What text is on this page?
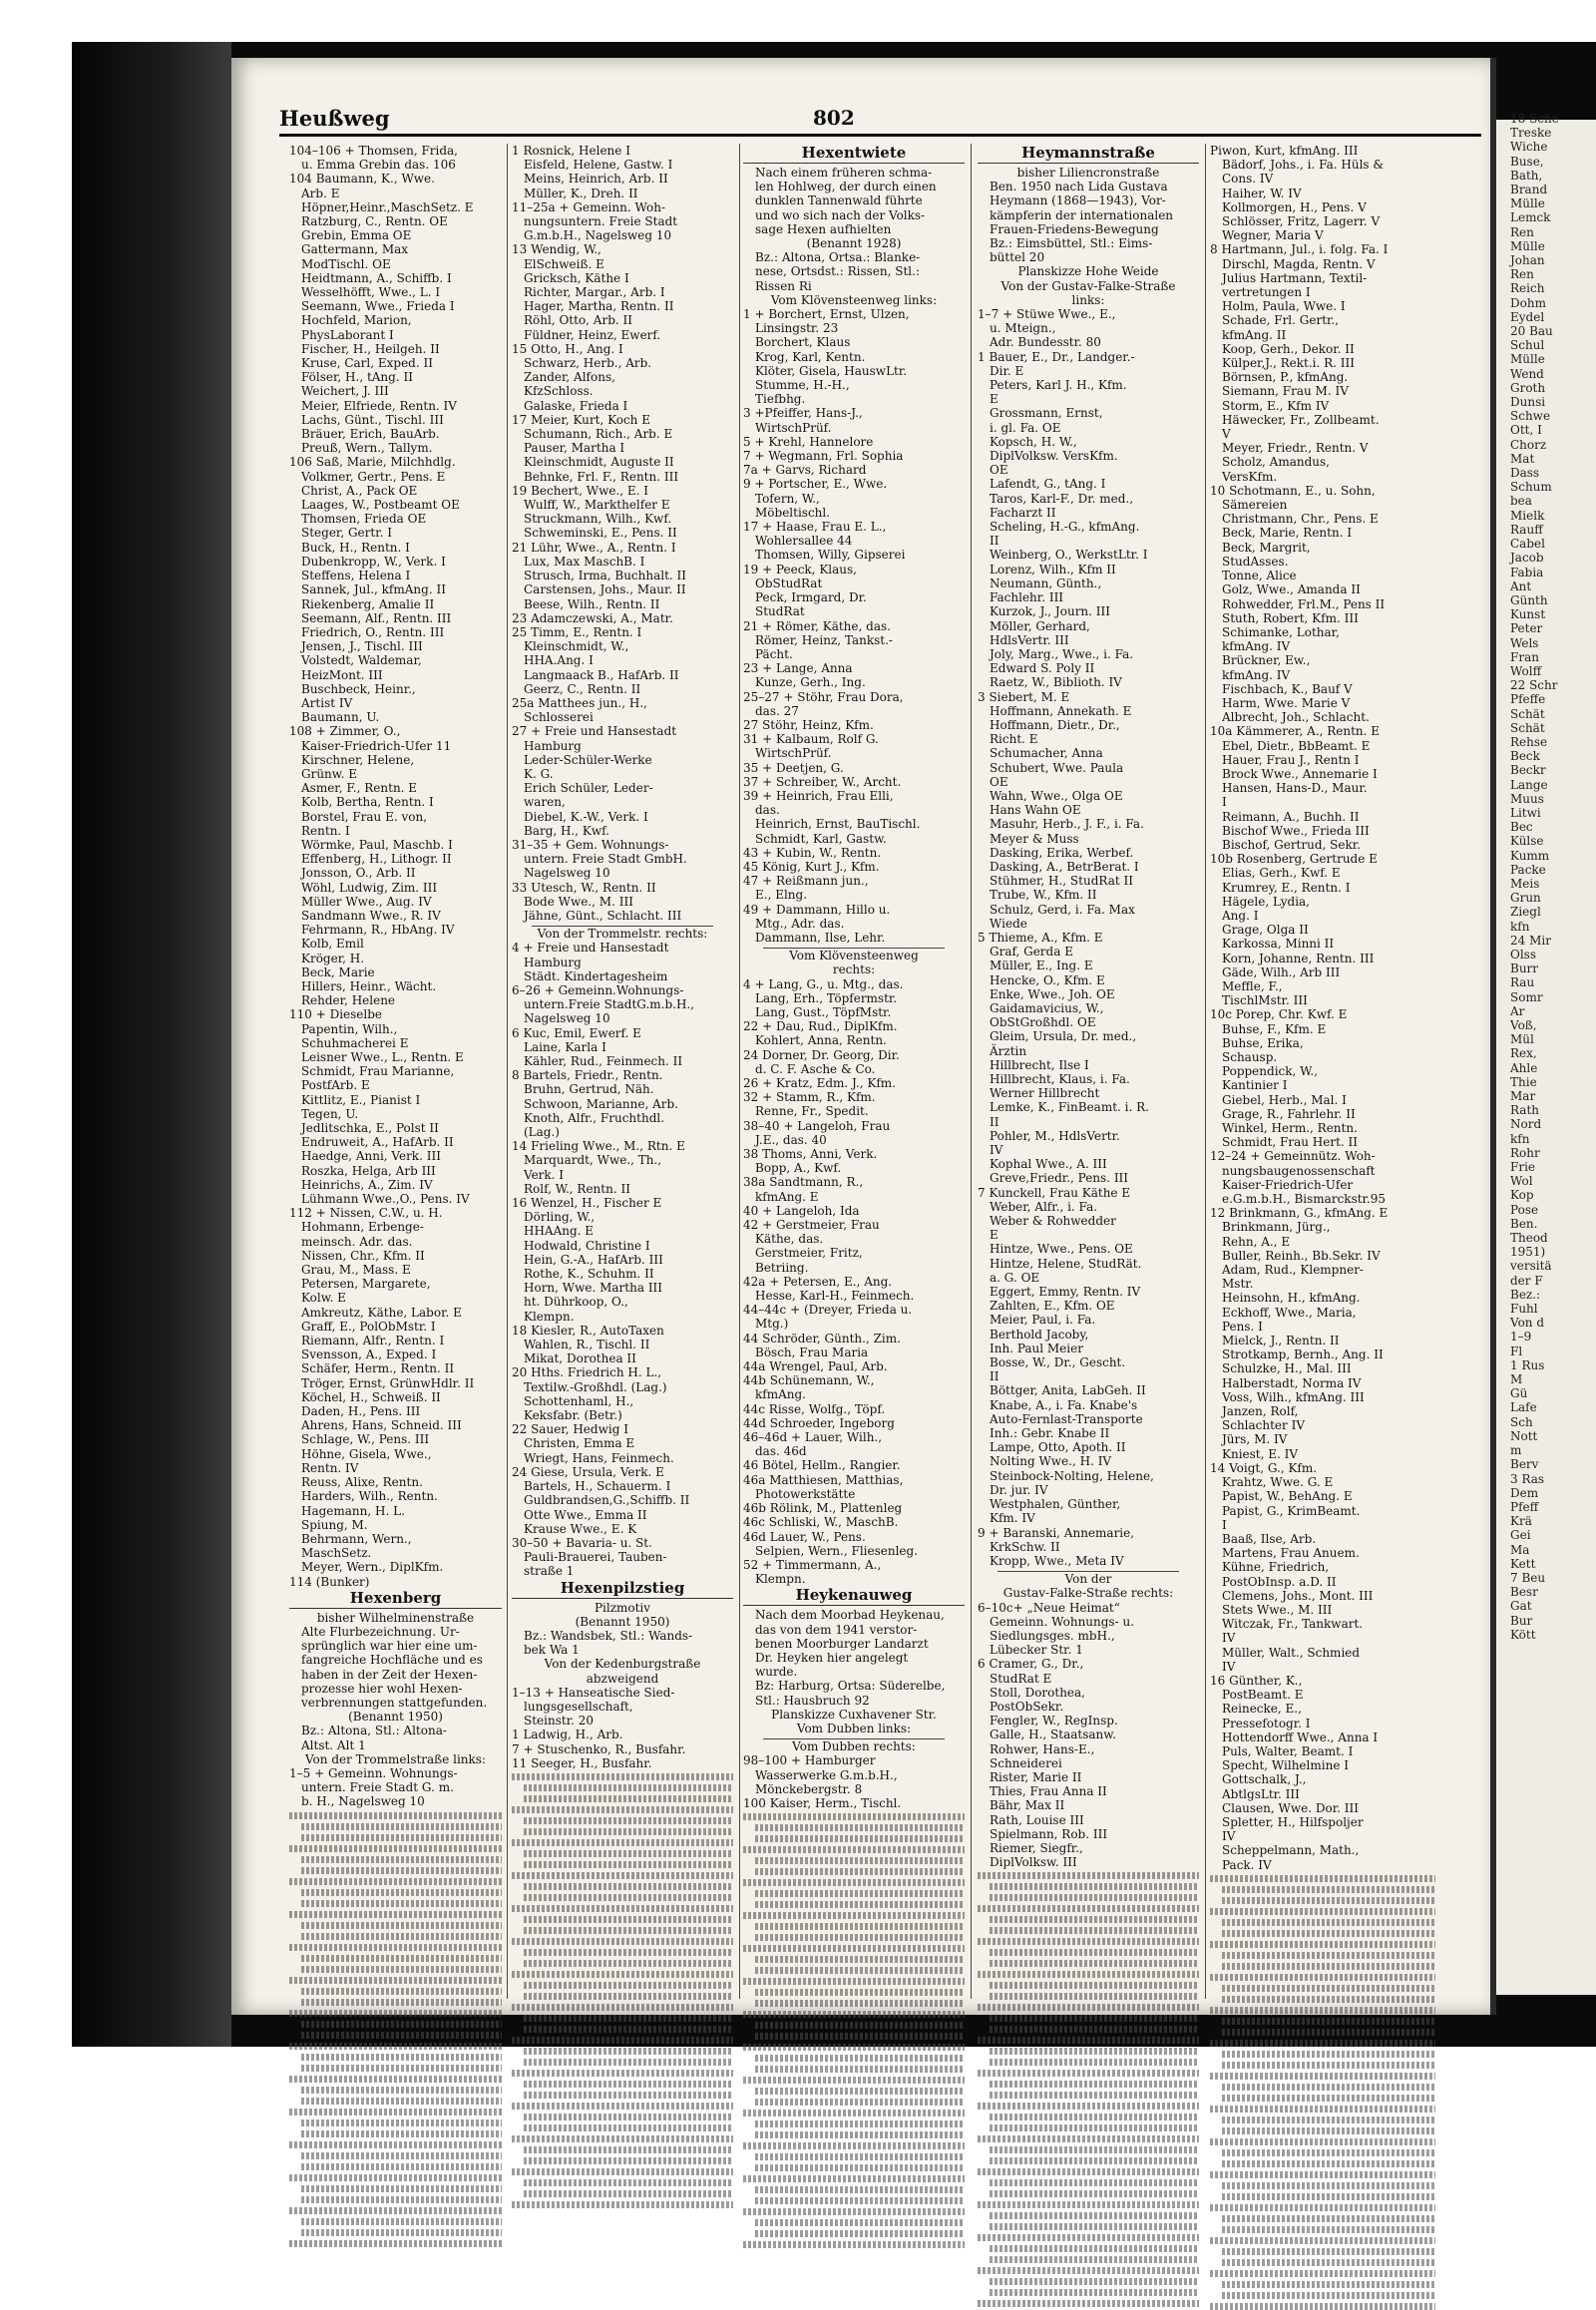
18 Sche
Treske
Wiche
Buse,
Bath,
Brand
Mülle
Lemck
Ren
Mülle
Johan
Ren
Reich
Dohm
Eydel
20 Bau
Schul
Mülle
Wend
Groth
Dunsi
Schwe
Ott, I
Chorz
Mat
Dass
Schum
bea
Mielk
Rauff
Cabel
Jacob
Fabia
Ant
Günth
Kunst
Peter
Wels
Fran
Wolff
22 Schr
Pfeffe
Schät
Schät
Rehse
Beck
Beckr
Lange
Muus
Litwi
Bec
Külse
Kumm
Packe
Meis
Grun
Ziegl
kfn
24 Mir
Olss
Burr
Rau
Somr
Ar
Voß,
Mül
Rex,
Ahle
Thie
Mar
Rath
Nord
kfn
Rohr
Frie
Wol
Kop
Pose
Ben.
Theod
1951)
versitä
der F
Bez.:
Fuhl
Von d
1–9
Fl
1 Rus
M
Gü
Lafe
Sch
Nott
m
Berv
3 Ras
Dem
Pfeff
Krä
Gei
Ma
Kett
7 Beu
Besr
Gat
Bur
Kött
Heußweg	802
104–106 + Thomsen, Frida,
u. Emma Grebin das. 106
104 Baumann, K., Wwe.
Arb. E
Höpner,Heinr.,MaschSetz. E
Ratzburg, C., Rentn. OE
Grebin, Emma OE
Gattermann, Max
ModTischl. OE
Heidtmann, A., Schiffb. I
Wesselhöfft, Wwe., L. I
Seemann, Wwe., Frieda I
Hochfeld, Marion,
PhysLaborant I
Fischer, H., Heilgeh. II
Kruse, Carl, Exped. II
Fölser, H., tAng. II
Weichert, J. III
Meier, Elfriede, Rentn. IV
Lachs, Günt., Tischl. III
Bräuer, Erich, BauArb.
Preuß, Wern., Tallym.
106 Saß, Marie, Milchhdlg.
Volkmer, Gertr., Pens. E
Christ, A., Pack OE
Laages, W., Postbeamt OE
Thomsen, Frieda OE
Steger, Gertr. I
Buck, H., Rentn. I
Dubenkropp, W., Verk. I
Steffens, Helena I
Sannek, Jul., kfmAng. II
Riekenberg, Amalie II
Seemann, Alf., Rentn. III
Friedrich, O., Rentn. III
Jensen, J., Tischl. III
Volstedt, Waldemar,
HeizMont. III
Buschbeck, Heinr.,
Artist IV
Baumann, U.
108 + Zimmer, O.,
Kaiser-Friedrich-Ufer 11
Kirschner, Helene,
Grünw. E
Asmer, F., Rentn. E
Kolb, Bertha, Rentn. I
Borstel, Frau E. von,
Rentn. I
Wörmke, Paul, Maschb. I
Effenberg, H., Lithogr. II
Jonsson, O., Arb. II
Wöhl, Ludwig, Zim. III
Müller Wwe., Aug. IV
Sandmann Wwe., R. IV
Fehrmann, R., HbAng. IV
Kolb, Emil
Kröger, H.
Beck, Marie
Hillers, Heinr., Wächt.
Rehder, Helene
110 + Dieselbe
Papentin, Wilh.,
Schuhmacherei E
Leisner Wwe., L., Rentn. E
Schmidt, Frau Marianne,
PostfArb. E
Kittlitz, E., Pianist I
Tegen, U.
Jedlitschka, E., Polst II
Endruweit, A., HafArb. II
Haedge, Anni, Verk. III
Roszka, Helga, Arb III
Heinrichs, A., Zim. IV
Lühmann Wwe.,O., Pens. IV
112 + Nissen, C.W., u. H.
Hohmann, Erbenge-
meinsch. Adr. das.
Nissen, Chr., Kfm. II
Grau, M., Mass. E
Petersen, Margarete,
Kolw. E
Amkreutz, Käthe, Labor. E
Graff, E., PolObMstr. I
Riemann, Alfr., Rentn. I
Svensson, A., Exped. I
Schäfer, Herm., Rentn. II
Tröger, Ernst, GrünwHdlr. II
Köchel, H., Schweiß. II
Daden, H., Pens. III
Ahrens, Hans, Schneid. III
Schlage, W., Pens. III
Höhne, Gisela, Wwe.,
Rentn. IV
Reuss, Alixe, Rentn.
Harders, Wilh., Rentn.
Hagemann, H. L.
Spiung, M.
Behrmann, Wern.,
MaschSetz.
Meyer, Wern., DiplKfm.
114 (Bunker)
Hexenberg
bisher Wilhelminenstraße
Alte Flurbezeichnung. Ur-
sprünglich war hier eine um-
fangreiche Hochfläche und es
haben in der Zeit der Hexen-
prozesse hier wohl Hexen-
verbrennungen stattgefunden.
(Benannt 1950)
Bz.: Altona, Stl.: Altona-
Altst. Alt 1
Von der Trommelstraße links:
1–5 + Gemeinn. Wohnungs-
untern. Freie Stadt G. m.
b. H., Nagelsweg 10
1 Rosnick, Helene I
Eisfeld, Helene, Gastw. I
Meins, Heinrich, Arb. II
Müller, K., Dreh. II
11–25a + Gemeinn. Woh-
nungsuntern. Freie Stadt
G.m.b.H., Nagelsweg 10
13 Wendig, W.,
ElSchweiß. E
Gricksch, Käthe I
Richter, Margar., Arb. I
Hager, Martha, Rentn. II
Röhl, Otto, Arb. II
Füldner, Heinz, Ewerf.
15 Otto, H., Ang. I
Schwarz, Herb., Arb.
Zander, Alfons,
KfzSchloss.
Galaske, Frieda I
17 Meier, Kurt, Koch E
Schumann, Rich., Arb. E
Pauser, Martha I
Kleinschmidt, Auguste II
Behnke, Frl. F., Rentn. III
19 Bechert, Wwe., E. I
Wulff, W., Markthelfer E
Struckmann, Wilh., Kwf.
Schweminski, E., Pens. II
21 Lühr, Wwe., A., Rentn. I
Lux, Max MaschB. I
Strusch, Irma, Buchhalt. II
Carstensen, Johs., Maur. II
Beese, Wilh., Rentn. II
23 Adamczewski, A., Matr.
25 Timm, E., Rentn. I
Kleinschmidt, W.,
HHA.Ang. I
Langmaack B., HafArb. II
Geerz, C., Rentn. II
25a Matthees jun., H.,
Schlosserei
27 + Freie und Hansestadt
Hamburg
Leder-Schüler-Werke
K. G.
Erich Schüler, Leder-
waren,
Diebel, K.-W., Verk. I
Barg, H., Kwf.
31–35 + Gem. Wohnungs-
untern. Freie Stadt GmbH.
Nagelsweg 10
33 Utesch, W., Rentn. II
Bode Wwe., M. III
Jähne, Günt., Schlacht. III
Von der Trommelstr. rechts:
4 + Freie und Hansestadt
Hamburg
Städt. Kindertagesheim
6–26 + Gemeinn.Wohnungs-
untern.Freie StadtG.m.b.H.,
Nagelsweg 10
6 Kuc, Emil, Ewerf. E
Laine, Karla I
Kähler, Rud., Feinmech. II
8 Bartels, Friedr., Rentn.
Bruhn, Gertrud, Näh.
Schwoon, Marianne, Arb.
Knoth, Alfr., Fruchthdl.
(Lag.)
14 Frieling Wwe., M., Rtn. E
Marquardt, Wwe., Th.,
Verk. I
Rolf, W., Rentn. II
16 Wenzel, H., Fischer E
Dörling, W.,
HHAAng. E
Hodwald, Christine I
Hein, G.-A., HafArb. III
Rothe, K., Schuhm. II
Horn, Wwe. Martha III
ht. Dührkoop, O.,
Klempn.
18 Kiesler, R., AutoTaxen
Wahlen, R., Tischl. II
Mikat, Dorothea II
20 Hths. Friedrich H. L.,
Textilw.-Großhdl. (Lag.)
Schottenhaml, H.,
Keksfabr. (Betr.)
22 Sauer, Hedwig I
Christen, Emma E
Wriegt, Hans, Feinmech.
24 Giese, Ursula, Verk. E
Bartels, H., Schauerm. I
Guldbrandsen,G.,Schiffb. II
Otte Wwe., Emma II
Krause Wwe., E. K
30–50 + Bavaria- u. St.
Pauli-Brauerei, Tauben-
straße 1
Hexenpilzstieg
Pilzmotiv
(Benannt 1950)
Bz.: Wandsbek, Stl.: Wands-
bek Wa 1
Von der Kedenburgstraße
abzweigend
1–13 + Hanseatische Sied-
lungsgesellschaft,
Steinstr. 20
1 Ladwig, H., Arb.
7 + Stuschenko, R., Busfahr.
11 Seeger, H., Busfahr.
Hexentwiete
Nach einem früheren schma-
len Hohlweg, der durch einen
dunklen Tannenwald führte
und wo sich nach der Volks-
sage Hexen aufhielten
(Benannt 1928)
Bz.: Altona, Ortsa.: Blanke-
nese, Ortsdst.: Rissen, Stl.:
Rissen Ri
Vom Klövensteenweg links:
1 + Borchert, Ernst, Ulzen,
Linsingstr. 23
Borchert, Klaus
Krog, Karl, Kentn.
Klöter, Gisela, HauswLtr.
Stumme, H.-H.,
Tiefbhg.
3 +Pfeiffer, Hans-J.,
WirtschPrüf.
5 + Krehl, Hannelore
7 + Wegmann, Frl. Sophia
7a + Garvs, Richard
9 + Portscher, E., Wwe.
Tofern, W.,
Möbeltischl.
17 + Haase, Frau E. L.,
Wohlersallee 44
Thomsen, Willy, Gipserei
19 + Peeck, Klaus,
ObStudRat
Peck, Irmgard, Dr.
StudRat
21 + Römer, Käthe, das.
Römer, Heinz, Tankst.-
Pächt.
23 + Lange, Anna
Kunze, Gerh., Ing.
25–27 + Stöhr, Frau Dora,
das. 27
27 Stöhr, Heinz, Kfm.
31 + Kalbaum, Rolf G.
WirtschPrüf.
35 + Deetjen, G.
37 + Schreiber, W., Archt.
39 + Heinrich, Frau Elli,
das.
Heinrich, Ernst, BauTischl.
Schmidt, Karl, Gastw.
43 + Kubin, W., Rentn.
45 König, Kurt J., Kfm.
47 + Reißmann jun.,
E., Elng.
49 + Dammann, Hillo u.
Mtg., Adr. das.
Dammann, Ilse, Lehr.
Vom Klövensteenweg
rechts:
4 + Lang, G., u. Mtg., das.
Lang, Erh., Töpfermstr.
Lang, Gust., TöpfMstr.
22 + Dau, Rud., DiplKfm.
Kohlert, Anna, Rentn.
24 Dorner, Dr. Georg, Dir.
d. C. F. Asche & Co.
26 + Kratz, Edm. J., Kfm.
32 + Stamm, R., Kfm.
Renne, Fr., Spedit.
38–40 + Langeloh, Frau
J.E., das. 40
38 Thoms, Anni, Verk.
Bopp, A., Kwf.
38a Sandtmann, R.,
kfmAng. E
40 + Langeloh, Ida
42 + Gerstmeier, Frau
Käthe, das.
Gerstmeier, Fritz,
Betriing.
42a + Petersen, E., Ang.
Hesse, Karl-H., Feinmech.
44–44c + (Dreyer, Frieda u.
Mtg.)
44 Schröder, Günth., Zim.
Bösch, Frau Maria
44a Wrengel, Paul, Arb.
44b Schünemann, W.,
kfmAng.
44c Risse, Wolfg., Töpf.
44d Schroeder, Ingeborg
46–46d + Lauer, Wilh.,
das. 46d
46 Bötel, Hellm., Rangier.
46a Matthiesen, Matthias,
Photowerkstätte
46b Rölink, M., Plattenleg
46c Schliski, W., MaschB.
46d Lauer, W., Pens.
Selpien, Wern., Fliesenleg.
52 + Timmermann, A.,
Klempn.
Heykenauweg
Nach dem Moorbad Heykenau,
das von dem 1941 verstor-
benen Moorburger Landarzt
Dr. Heyken hier angelegt
wurde.
Bz: Harburg, Ortsa: Süderelbe,
Stl.: Hausbruch 92
Planskizze Cuxhavener Str.
Vom Dubben links:
Vom Dubben rechts:
98–100 + Hamburger
Wasserwerke G.m.b.H.,
Mönckebergstr. 8
100 Kaiser, Herm., Tischl.
Heymannstraße
bisher Liliencronstraße
Ben. 1950 nach Lida Gustava
Heymann (1868—1943), Vor-
kämpferin der internationalen
Frauen-Friedens-Bewegung
Bz.: Eimsbüttel, Stl.: Eims-
büttel 20
Planskizze Hohe Weide
Von der Gustav-Falke-Straße
links:
1–7 + Stüwe Wwe., E.,
u. Mteign.,
Adr. Bundesstr. 80
1 Bauer, E., Dr., Landger.-
Dir. E
Peters, Karl J. H., Kfm.
E
Grossmann, Ernst,
i. gl. Fa. OE
Kopsch, H. W.,
DiplVolksw. VersKfm.
OE
Lafendt, G., tAng. I
Taros, Karl-F., Dr. med.,
Facharzt II
Scheling, H.-G., kfmAng.
II
Weinberg, O., WerkstLtr. I
Lorenz, Wilh., Kfm II
Neumann, Günth.,
Fachlehr. III
Kurzok, J., Journ. III
Möller, Gerhard,
HdlsVertr. III
Joly, Marg., Wwe., i. Fa.
Edward S. Poly II
Raetz, W., Biblioth. IV
3 Siebert, M. E
Hoffmann, Annekath. E
Hoffmann, Dietr., Dr.,
Richt. E
Schumacher, Anna
Schubert, Wwe. Paula
OE
Wahn, Wwe., Olga OE
Hans Wahn OE
Masuhr, Herb., J. F., i. Fa.
Meyer & Muss
Dasking, Erika, Werbef.
Dasking, A., BetrBerat. I
Stühmer, H., StudRat II
Trube, W., Kfm. II
Schulz, Gerd, i. Fa. Max
Wiede
5 Thieme, A., Kfm. E
Graf, Gerda E
Müller, E., Ing. E
Hencke, O., Kfm. E
Enke, Wwe., Joh. OE
Gaidamavicius, W.,
ObStGroßhdl. OE
Gleim, Ursula, Dr. med.,
Ärztin
Hillbrecht, Ilse I
Hillbrecht, Klaus, i. Fa.
Werner Hillbrecht
Lemke, K., FinBeamt. i. R.
II
Pohler, M., HdlsVertr.
IV
Kophal Wwe., A. III
Greve,Friedr., Pens. III
7 Kunckell, Frau Käthe E
Weber, Alfr., i. Fa.
Weber & Rohwedder
E
Hintze, Wwe., Pens. OE
Hintze, Helene, StudRät.
a. G. OE
Eggert, Emmy, Rentn. IV
Zahlten, E., Kfm. OE
Meier, Paul, i. Fa.
Berthold Jacoby,
Inh. Paul Meier
Bosse, W., Dr., Gescht.
II
Böttger, Anita, LabGeh. II
Knabe, A., i. Fa. Knabe's
Auto-Fernlast-Transporte
Inh.: Gebr. Knabe II
Lampe, Otto, Apoth. II
Nolting Wwe., H. IV
Steinbock-Nolting, Helene,
Dr. jur. IV
Westphalen, Günther,
Kfm. IV
9 + Baranski, Annemarie,
KrkSchw. II
Kropp, Wwe., Meta IV
Von der
Gustav-Falke-Straße rechts:
6–10c+ „Neue Heimat“
Gemeinn. Wohnungs- u.
Siedlungsges. mbH.,
Lübecker Str. 1
6 Cramer, G., Dr.,
StudRat E
Stoll, Dorothea,
PostObSekr.
Fengler, W., RegInsp.
Galle, H., Staatsanw.
Rohwer, Hans-E.,
Schneiderei
Rister, Marie II
Thies, Frau Anna II
Bähr, Max II
Rath, Louise III
Spielmann, Rob. III
Riemer, Siegfr.,
DiplVolksw. III
Piwon, Kurt, kfmAng. III
Bädorf, Johs., i. Fa. Hüls &
Cons. IV
Haiher, W. IV
Kollmorgen, H., Pens. V
Schlösser, Fritz, Lagerr. V
Wegner, Maria V
8 Hartmann, Jul., i. folg. Fa. I
Dirschl, Magda, Rentn. V
Julius Hartmann, Textil-
vertretungen I
Holm, Paula, Wwe. I
Schade, Frl. Gertr.,
kfmAng. II
Koop, Gerh., Dekor. II
Külper,J., Rekt.i. R. III
Börnsen, P., kfmAng.
Siemann, Frau M. IV
Storm, E., Kfm IV
Häwecker, Fr., Zollbeamt.
V
Meyer, Friedr., Rentn. V
Scholz, Amandus,
VersKfm.
10 Schotmann, E., u. Sohn,
Sämereien
Christmann, Chr., Pens. E
Beck, Marie, Rentn. I
Beck, Margrit,
StudAsses.
Tonne, Alice
Golz, Wwe., Amanda II
Rohwedder, Frl.M., Pens II
Stuth, Robert, Kfm. III
Schimanke, Lothar,
kfmAng. IV
Brückner, Ew.,
kfmAng. IV
Fischbach, K., Bauf V
Harm, Wwe. Marie V
Albrecht, Joh., Schlacht.
10a Kämmerer, A., Rentn. E
Ebel, Dietr., BbBeamt. E
Hauer, Frau J., Rentn I
Brock Wwe., Annemarie I
Hansen, Hans-D., Maur.
I
Reimann, A., Buchh. II
Bischof Wwe., Frieda III
Bischof, Gertrud, Sekr.
10b Rosenberg, Gertrude E
Elias, Gerh., Kwf. E
Krumrey, E., Rentn. I
Hägele, Lydia,
Ang. I
Grage, Olga II
Karkossa, Minni II
Korn, Johanne, Rentn. III
Gäde, Wilh., Arb III
Meffle, F.,
TischlMstr. III
10c Porep, Chr. Kwf. E
Buhse, F., Kfm. E
Buhse, Erika,
Schausp.
Poppendick, W.,
Kantinier I
Giebel, Herb., Mal. I
Grage, R., Fahrlehr. II
Winkel, Herm., Rentn.
Schmidt, Frau Hert. II
12–24 + Gemeinnütz. Woh-
nungsbaugenossenschaft
Kaiser-Friedrich-Ufer
e.G.m.b.H., Bismarckstr.95
12 Brinkmann, G., kfmAng. E
Brinkmann, Jürg.,
Rehn, A., E
Buller, Reinh., Bb.Sekr. IV
Adam, Rud., Klempner-
Mstr.
Heinsohn, H., kfmAng.
Eckhoff, Wwe., Maria,
Pens. I
Mielck, J., Rentn. II
Strotkamp, Bernh., Ang. II
Schulzke, H., Mal. III
Halberstadt, Norma IV
Voss, Wilh., kfmAng. III
Janzen, Rolf,
Schlachter IV
Jürs, M. IV
Kniest, E. IV
14 Voigt, G., Kfm.
Krahtz, Wwe. G. E
Papist, W., BehAng. E
Papist, G., KrimBeamt.
I
Baaß, Ilse, Arb.
Martens, Frau Anuem.
Kühne, Friedrich,
PostObInsp. a.D. II
Clemens, Johs., Mont. III
Stets Wwe., M. III
Witczak, Fr., Tankwart.
IV
Müller, Walt., Schmied
IV
16 Günther, K.,
PostBeamt. E
Reinecke, E.,
Pressefotogr. I
Hottendorff Wwe., Anna I
Puls, Walter, Beamt. I
Specht, Wilhelmine I
Gottschalk, J.,
AbtlgsLtr. III
Clausen, Wwe. Dor. III
Spletter, H., Hilfspoljer
IV
Scheppelmann, Math.,
Pack. IV
